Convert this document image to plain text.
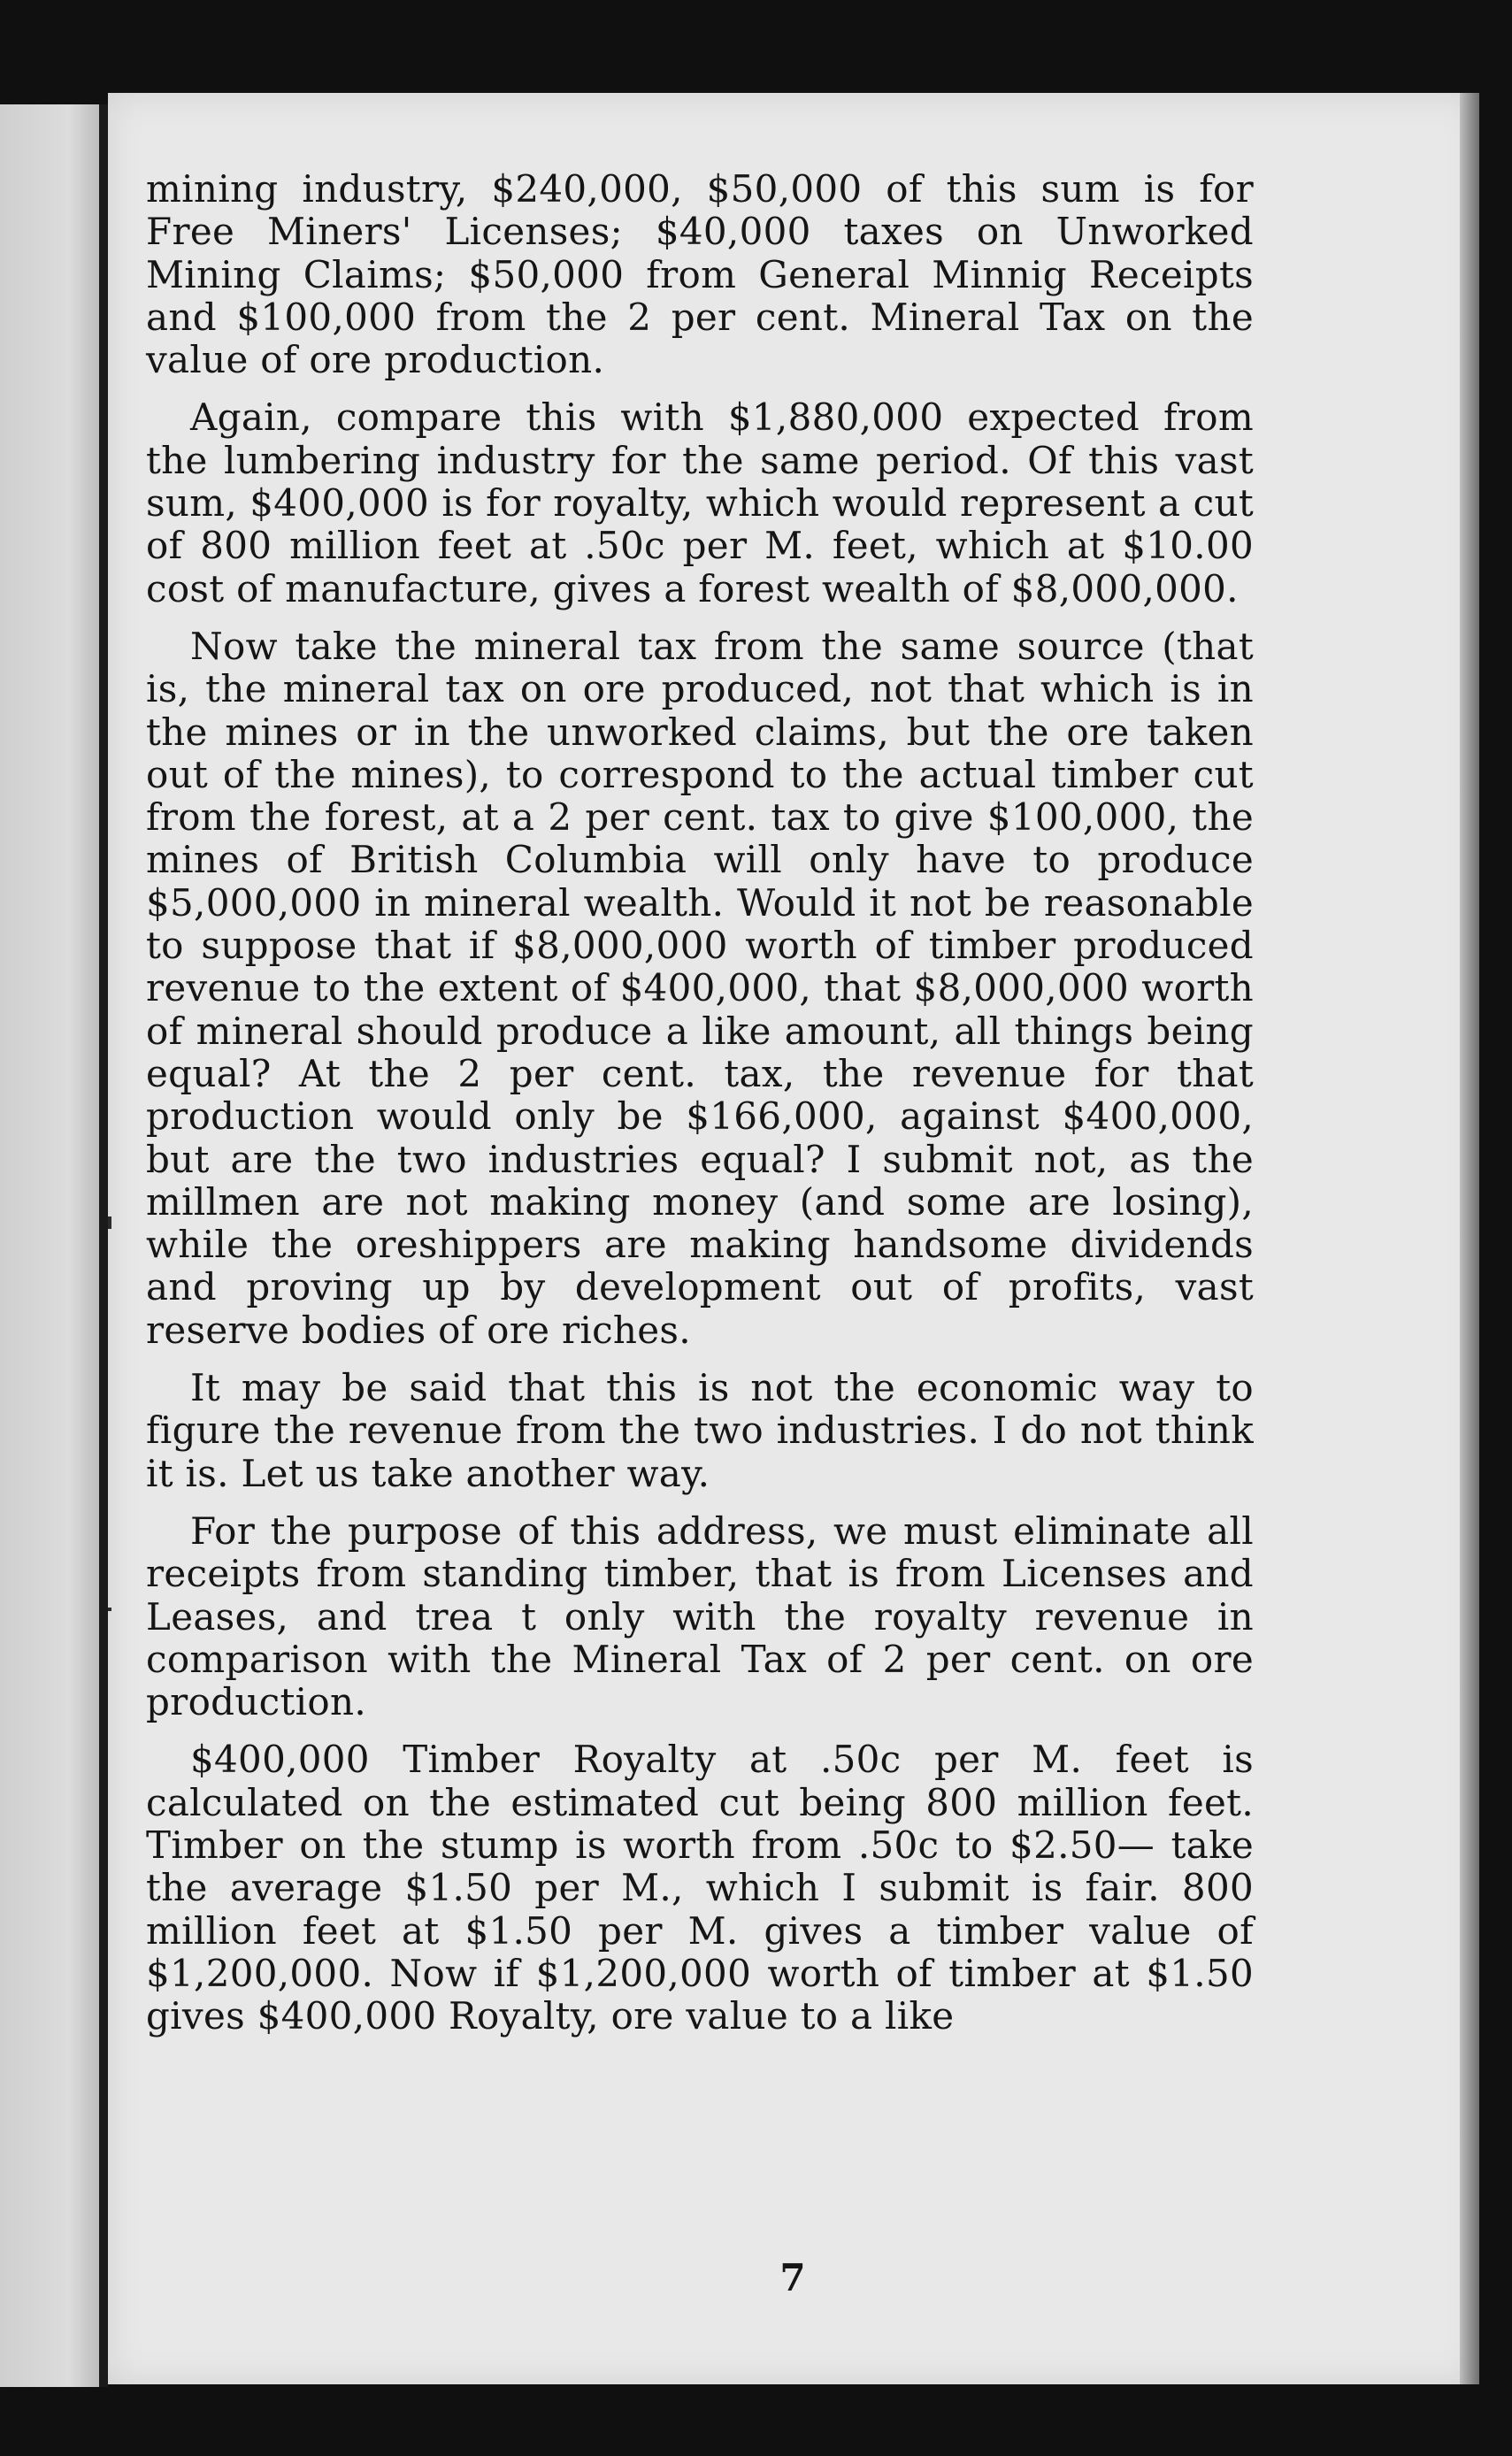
mining industry, $240,000, $50,000 of this sum is for Free Miners' Licenses; $40,000 taxes on Unworked Mining Claims; $50,000 from General Minnig Receipts and $100,000 from the 2 per cent. Mineral Tax on the value of ore production.

Again, compare this with $1,880,000 expected from the lumbering industry for the same period. Of this vast sum, $400,000 is for royalty, which would represent a cut of 800 million feet at .50c per M. feet, which at $10.00 cost of manufacture, gives a forest wealth of $8,000,000.

Now take the mineral tax from the same source (that is, the mineral tax on ore produced, not that which is in the mines or in the unworked claims, but the ore taken out of the mines), to correspond to the actual timber cut from the forest, at a 2 per cent. tax to give $100,000, the mines of British Columbia will only have to produce $5,000,000 in mineral wealth. Would it not be reasonable to suppose that if $8,000,000 worth of timber produced revenue to the extent of $400,000, that $8,000,000 worth of mineral should produce a like amount, all things being equal? At the 2 per cent. tax, the revenue for that production would only be $166,000, against $400,000, but are the two industries equal? I submit not, as the millmen are not making money (and some are losing), while the oreshippers are making handsome dividends and proving up by development out of profits, vast reserve bodies of ore riches.

It may be said that this is not the economic way to figure the revenue from the two industries. I do not think it is. Let us take another way.

For the purpose of this address, we must eliminate all receipts from standing timber, that is from Licenses and Leases, and trea t only with the royalty revenue in comparison with the Mineral Tax of 2 per cent. on ore production.

$400,000 Timber Royalty at .50c per M. feet is calculated on the estimated cut being 800 million feet. Timber on the stump is worth from .50c to $2.50— take the average $1.50 per M., which I submit is fair. 800 million feet at $1.50 per M. gives a timber value of $1,200,000. Now if $1,200,000 worth of timber at $1.50 gives $400,000 Royalty, ore value to a like

7
